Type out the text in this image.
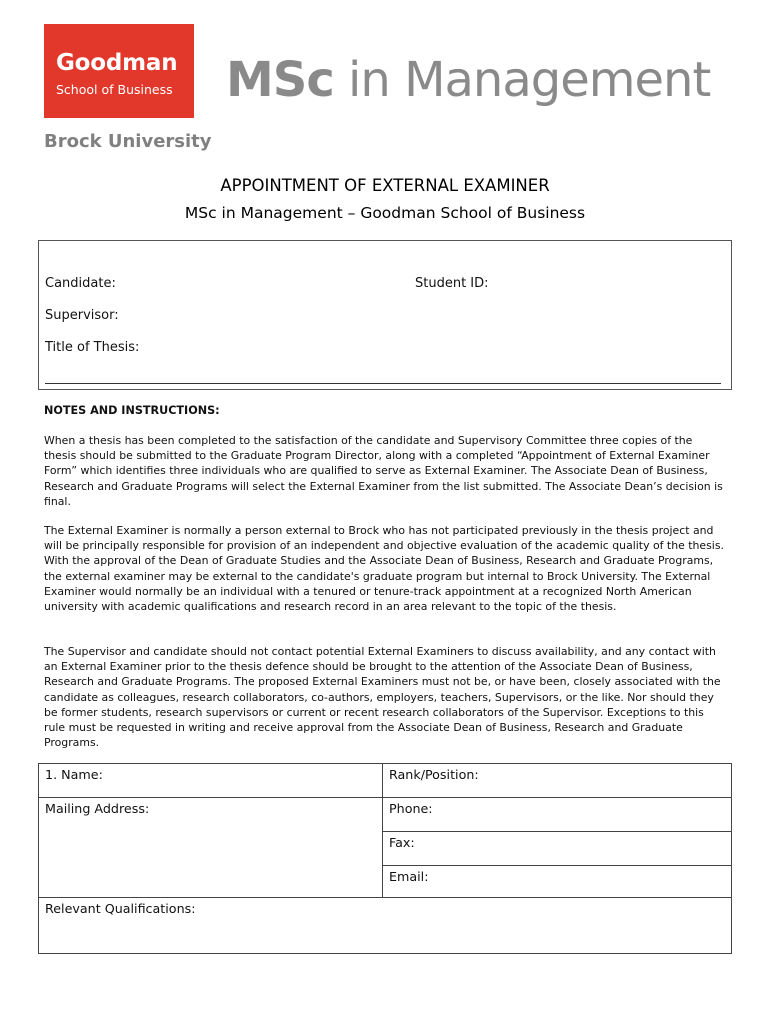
Goodman
School of Business
Brock University
MSc in Management
APPOINTMENT OF EXTERNAL EXAMINER
MSc in Management – Goodman School of Business
Candidate:	Student ID:
Supervisor:
Title of Thesis:
NOTES AND INSTRUCTIONS:

When a thesis has been completed to the satisfaction of the candidate and Supervisory Committee three copies of the thesis should be submitted to the Graduate Program Director, along with a completed “Appointment of External Examiner Form” which identifies three individuals who are qualified to serve as External Examiner. The Associate Dean of Business, Research and Graduate Programs will select the External Examiner from the list submitted. The Associate Dean’s decision is final.

The External Examiner is normally a person external to Brock who has not participated previously in the thesis project and will be principally responsible for provision of an independent and objective evaluation of the academic quality of the thesis. With the approval of the Dean of Graduate Studies and the Associate Dean of Business, Research and Graduate Programs, the external examiner may be external to the candidate's graduate program but internal to Brock University. The External Examiner would normally be an individual with a tenured or tenure-track appointment at a recognized North American university with academic qualifications and research record in an area relevant to the topic of the thesis.

The Supervisor and candidate should not contact potential External Examiners to discuss availability, and any contact with an External Examiner prior to the thesis defence should be brought to the attention of the Associate Dean of Business, Research and Graduate Programs. The proposed External Examiners must not be, or have been, closely associated with the candidate as colleagues, research collaborators, co-authors, employers, teachers, Supervisors, or the like. Nor should they be former students, research supervisors or current or recent research collaborators of the Supervisor. Exceptions to this rule must be requested in writing and receive approval from the Associate Dean of Business, Research and Graduate Programs.

1. Name:	Rank/Position:
Mailing Address:	Phone:
	Fax:
	Email:
Relevant Qualifications:	
